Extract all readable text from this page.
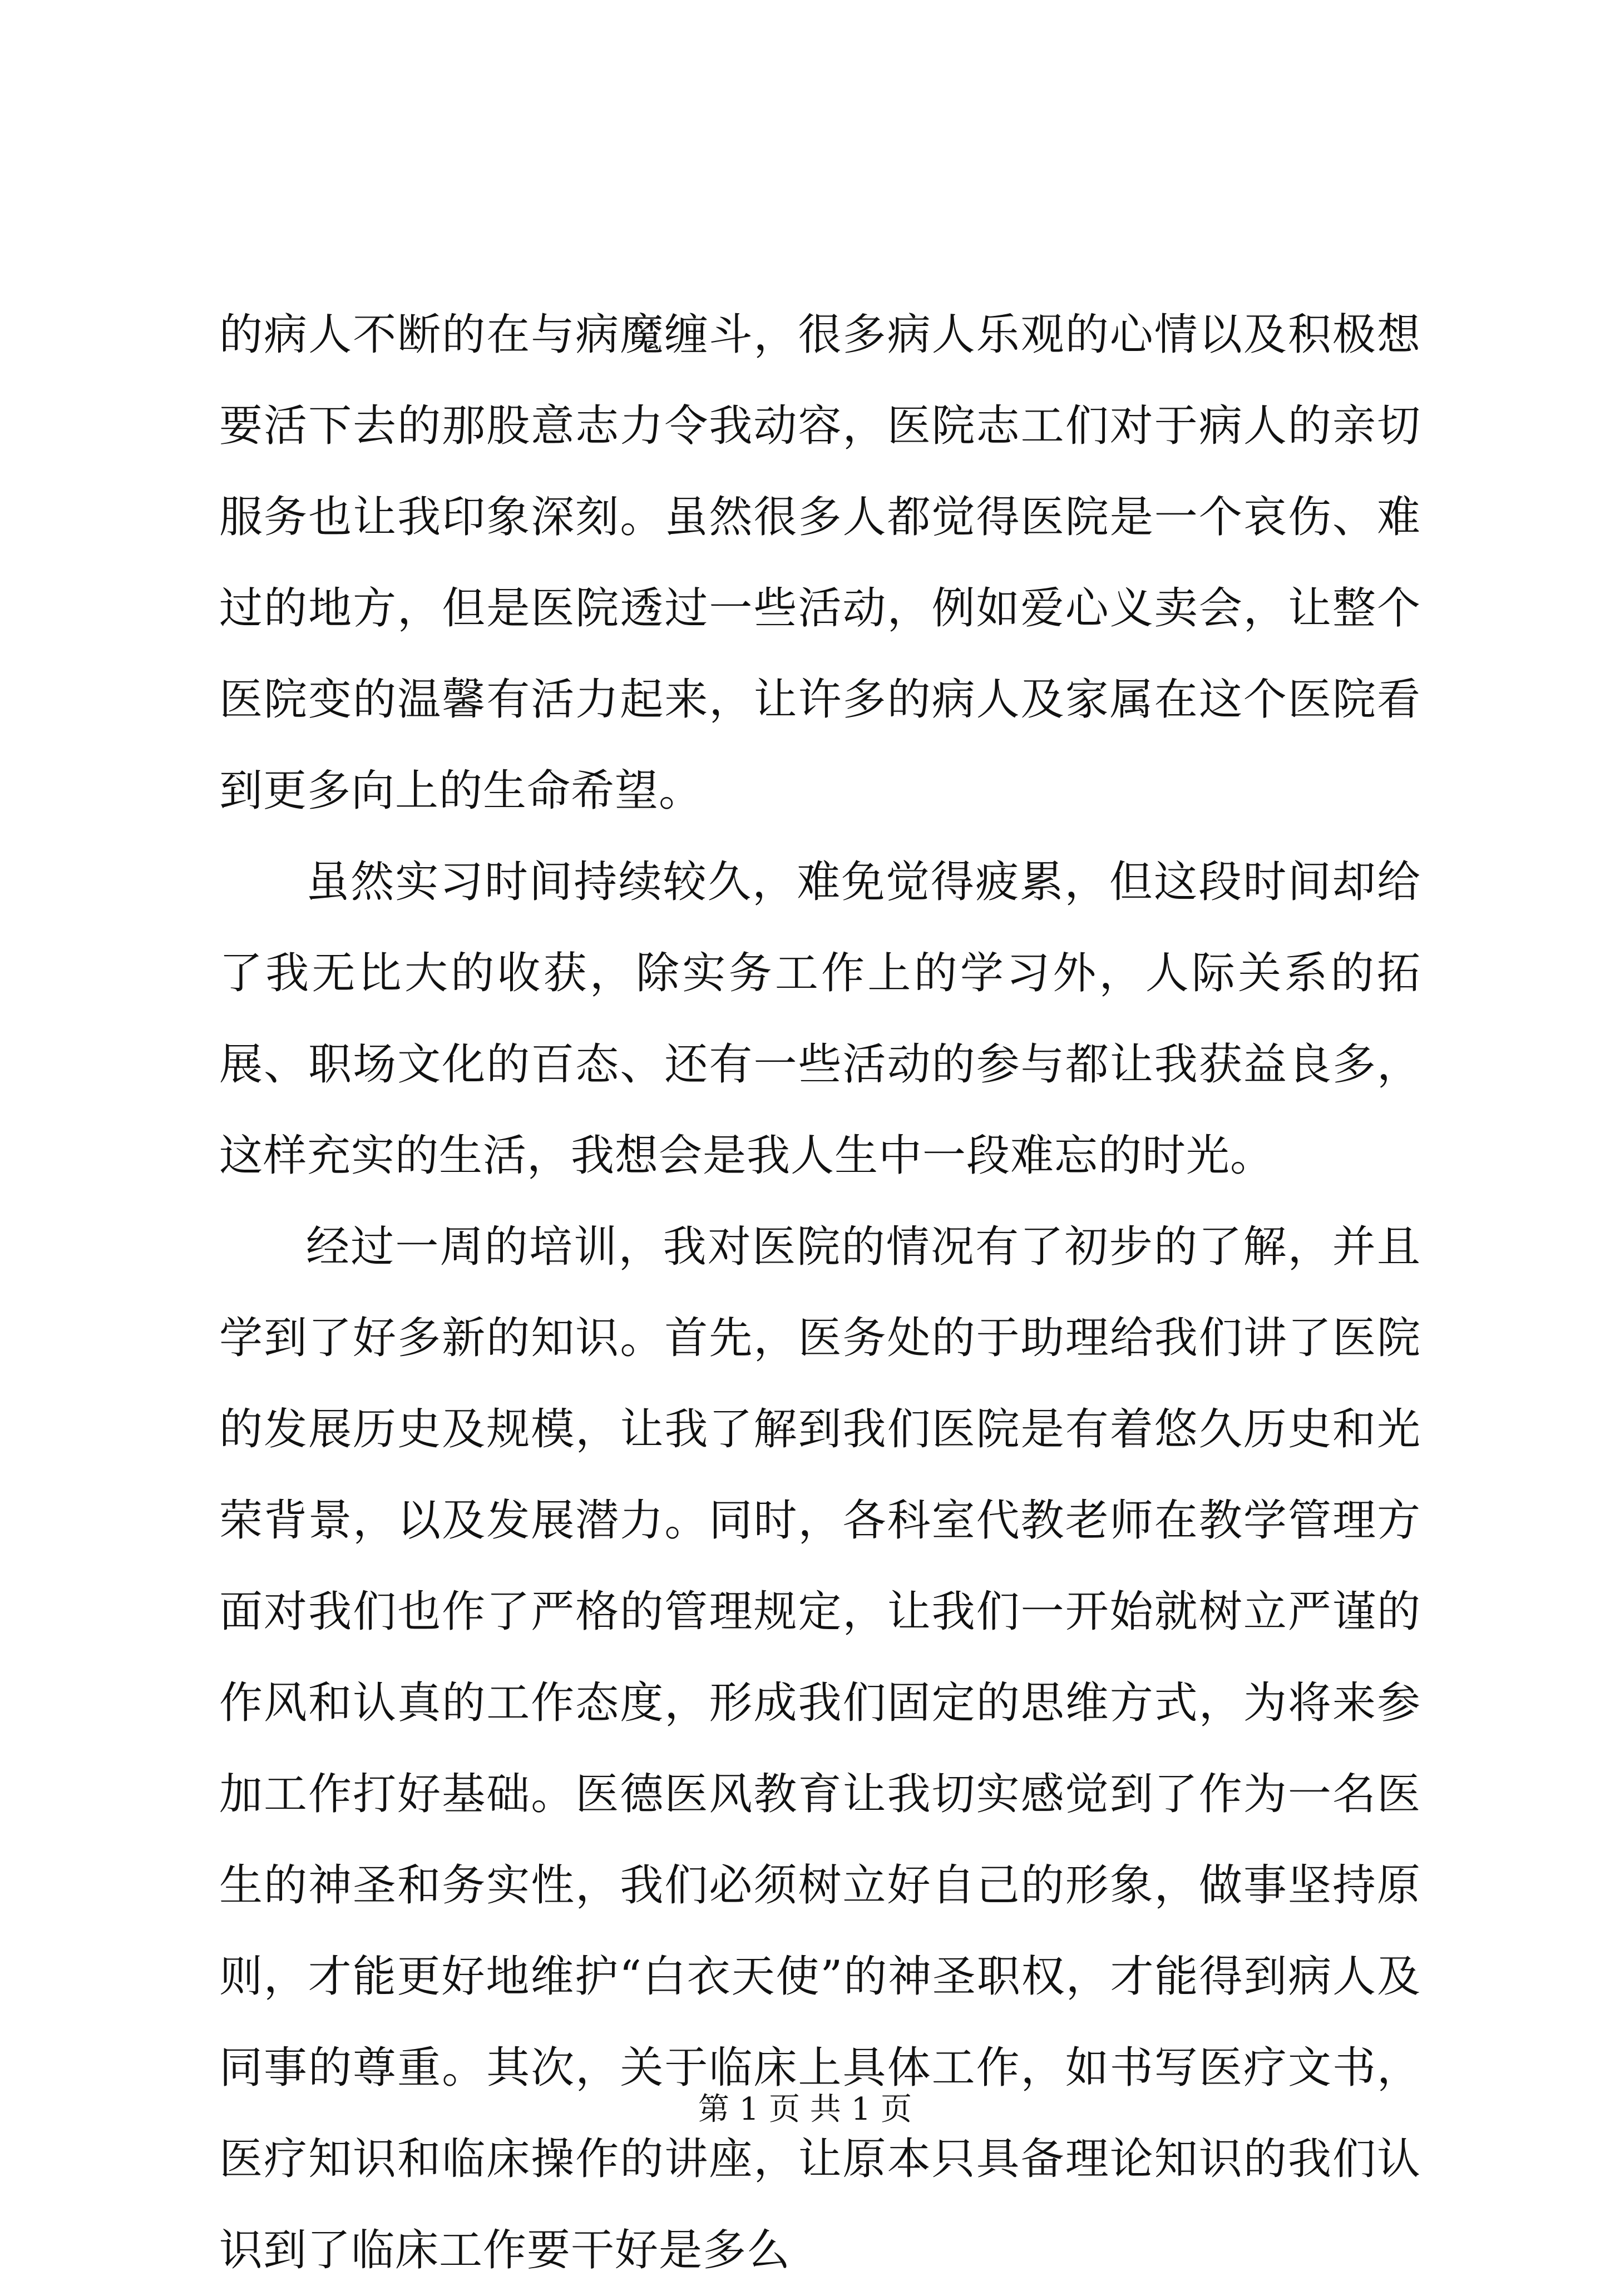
的病人不断的在与病魔缠斗，很多病人乐观的心情以及积极想要活下去的那股意志力令我动容，医院志工们对于病人的亲切服务也让我印象深刻。虽然很多人都觉得医院是一个哀伤、难过的地方，但是医院透过一些活动，例如爱心义卖会，让整个医院变的温馨有活力起来，让许多的病人及家属在这个医院看到更多向上的生命希望。

虽然实习时间持续较久，难免觉得疲累，但这段时间却给了我无比大的收获，除实务工作上的学习外，人际关系的拓展、职场文化的百态、还有一些活动的参与都让我获益良多，这样充实的生活，我想会是我人生中一段难忘的时光。

经过一周的培训，我对医院的情况有了初步的了解，并且学到了好多新的知识。首先，医务处的于助理给我们讲了医院的发展历史及规模，让我了解到我们医院是有着悠久历史和光荣背景，以及发展潜力。同时，各科室代教老师在教学管理方面对我们也作了严格的管理规定，让我们一开始就树立严谨的作风和认真的工作态度，形成我们固定的思维方式，为将来参加工作打好基础。医德医风教育让我切实感觉到了作为一名医生的神圣和务实性，我们必须树立好自己的形象，做事坚持原则，才能更好地维护“白衣天使”的神圣职权，才能得到病人及同事的尊重。其次，关于临床上具体工作，如书写医疗文书，医疗知识和临床操作的讲座，让原本只具备理论知识的我们认识到了临床工作要干好是多么

第 1 页 共 1 页
